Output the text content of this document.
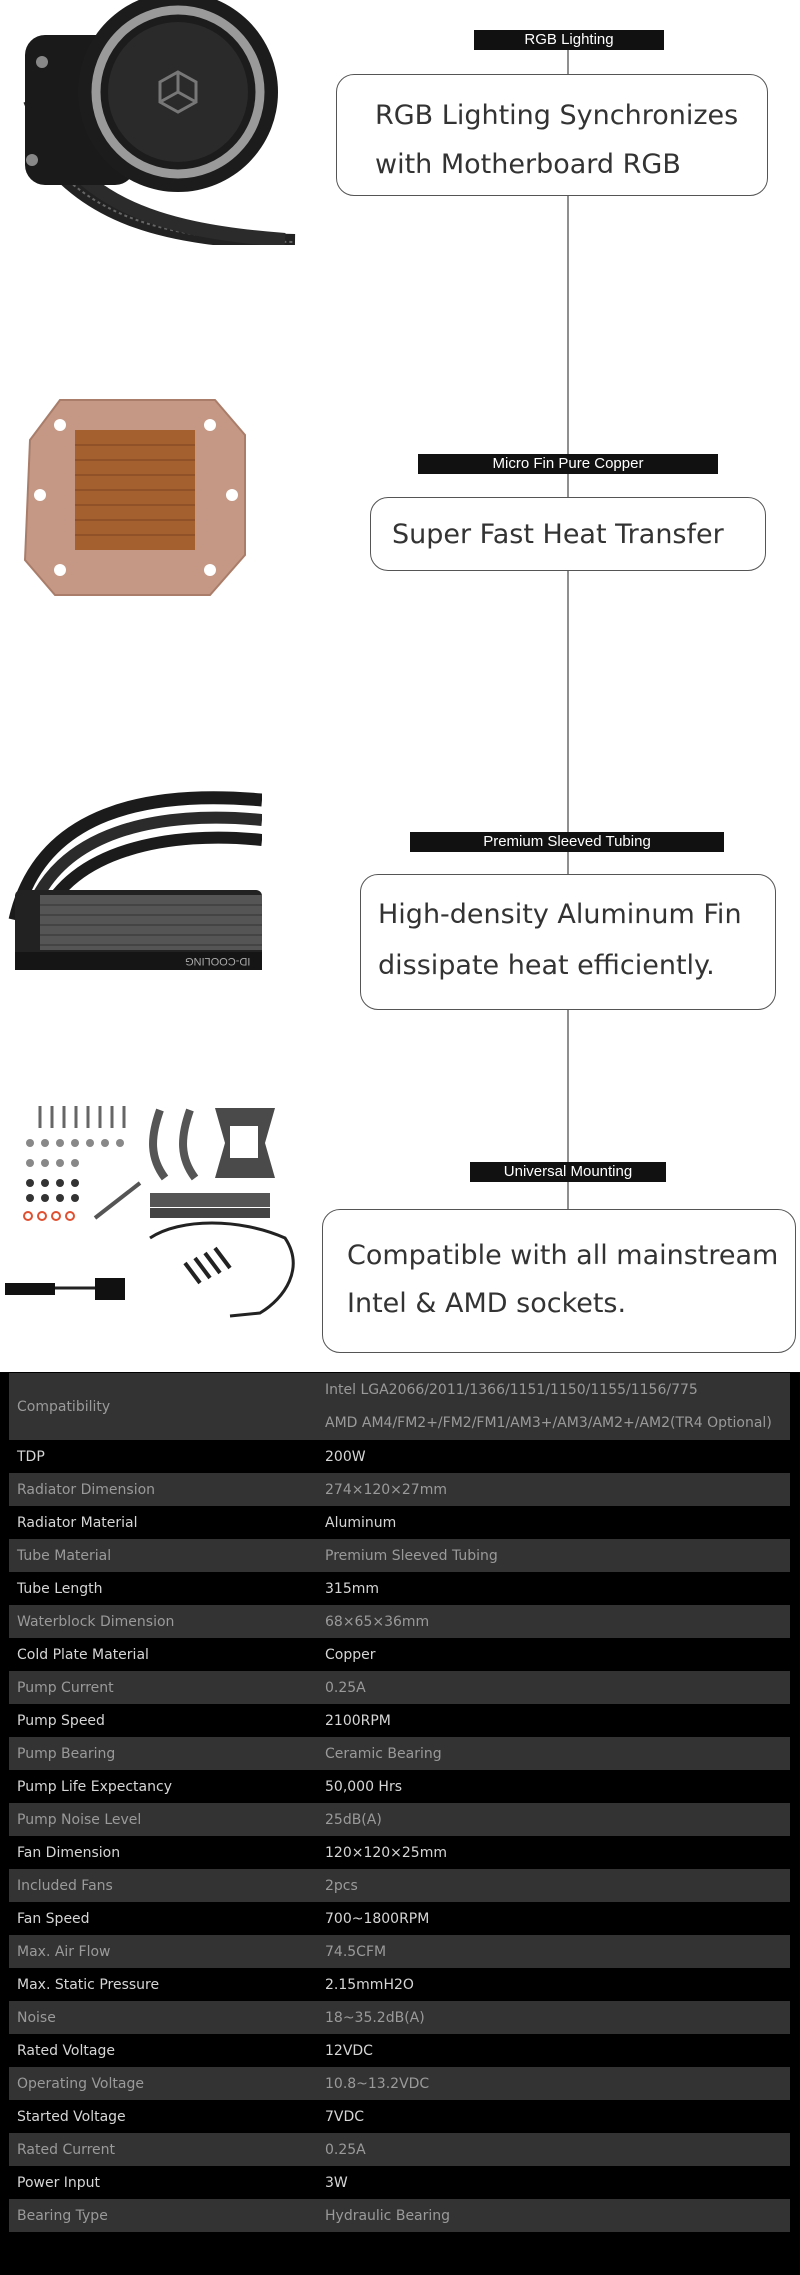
RGB Lighting

RGB Lighting Synchronizes

with Motherboard RGB

Micro Fin Pure Copper

Super Fast Heat Transfer

ID-COOLING
Premium Sleeved Tubing

High-density Aluminum Fin

dissipate heat efficiently.

Universal Mounting

Compatible with all mainstream

Intel & AMD sockets.

Compatibility	Intel LGA2066/2011/1366/1151/1150/1155/1156/775
AMD AM4/FM2+/FM2/FM1/AM3+/AM3/AM2+/AM2(TR4 Optional)

TDP	200W

Radiator Dimension	274×120×27mm

Radiator Material	Aluminum

Tube Material	Premium Sleeved Tubing

Tube Length	315mm

Waterblock Dimension	68×65×36mm

Cold Plate Material	Copper

Pump Current	0.25A

Pump Speed	2100RPM

Pump Bearing	Ceramic Bearing

Pump Life Expectancy	50,000 Hrs

Pump Noise Level	25dB(A)

Fan Dimension	120×120×25mm

Included Fans	2pcs

Fan Speed	700~1800RPM

Max. Air Flow	74.5CFM

Max. Static Pressure	2.15mmH2O

Noise	18~35.2dB(A)

Rated Voltage	12VDC

Operating Voltage	10.8~13.2VDC

Started Voltage	7VDC

Rated Current	0.25A

Power Input	3W

Bearing Type	Hydraulic Bearing
